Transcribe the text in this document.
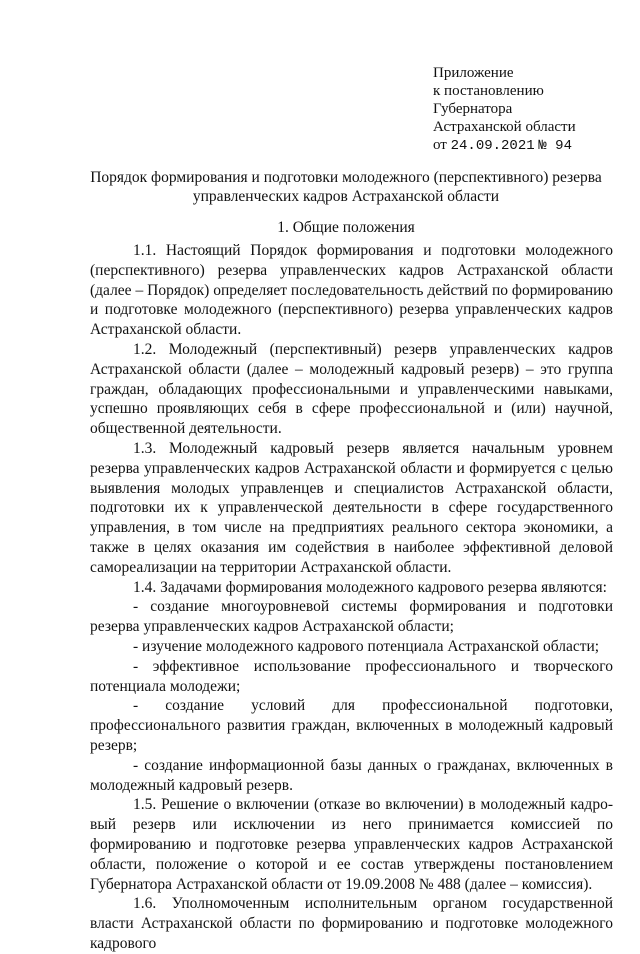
Приложение
к постановлению
Губернатора
Астраханской области
от 24.09.2021 № 94
Порядок формирования и подготовки молодежного (перспективного) резерва управленческих кадров Астраханской области
1. Общие положения

1.1. Настоящий Порядок формирования и подготовки молодежного (перспективного) резерва управленческих кадров Астраханской области (далее – Порядок) определяет последовательность действий по формированию и подготовке молодежного (перспективного) резерва управленческих кадров Астраханской области.

1.2. Молодежный (перспективный) резерв управленческих кадров Астраханской области (далее – молодежный кадровый резерв) – это группа граждан, обладающих профессиональными и управленческими навыками, успешно проявляющих себя в сфере профессиональной и (или) научной, общественной деятельности.

1.3. Молодежный кадровый резерв является начальным уровнем резерва управленческих кадров Астраханской области и формируется с целью выявления молодых управленцев и специалистов Астраханской области, подготовки их к управленческой деятельности в сфере государственного управления, в том числе на предприятиях реального сектора экономики, а также в целях оказания им содействия в наиболее эффективной деловой самореализации на территории Астраханской области.

1.4. Задачами формирования молодежного кадрового резерва являются:

- создание многоуровневой системы формирования и подготовки резерва управленческих кадров Астраханской области;

- изучение молодежного кадрового потенциала Астраханской области;

- эффективное использование профессионального и творческого потенциала молодежи;

- создание условий для профессиональной подготовки, профессионального развития граждан, включенных в молодежный кадровый резерв;

- создание информационной базы данных о гражданах, включенных в молодежный кадровый резерв.

1.5. Решение о включении (отказе во включении) в молодежный кадровый резерв или исключении из него принимается комиссией по формированию и подготовке резерва управленческих кадров Астраханской области, положение о которой и ее состав утверждены постановлением Губернатора Астраханской области от 19.09.2008 № 488 (далее – комиссия).

1.6. Уполномоченным исполнительным органом государственной власти Астраханской области по формированию и подготовке молодежного кадрового
